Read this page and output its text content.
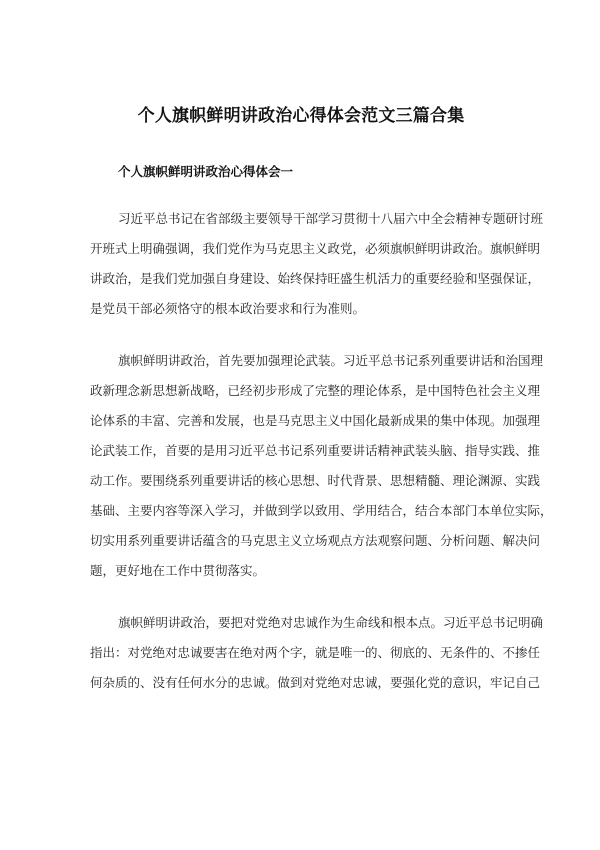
个人旗帜鲜明讲政治心得体会范文三篇合集
个人旗帜鲜明讲政治心得体会一

习近平总书记在省部级主要领导干部学习贯彻十八届六中全会精神专题研讨班
开班式上明确强调，我们党作为马克思主义政党，必须旗帜鲜明讲政治。旗帜鲜明
讲政治，是我们党加强自身建设、始终保持旺盛生机活力的重要经验和坚强保证，
是党员干部必须恪守的根本政治要求和行为准则。

旗帜鲜明讲政治，首先要加强理论武装。习近平总书记系列重要讲话和治国理
政新理念新思想新战略，已经初步形成了完整的理论体系，是中国特色社会主义理
论体系的丰富、完善和发展，也是马克思主义中国化最新成果的集中体现。加强理
论武装工作，首要的是用习近平总书记系列重要讲话精神武装头脑、指导实践、推
动工作。要围绕系列重要讲话的核心思想、时代背景、思想精髓、理论渊源、实践
基础、主要内容等深入学习，并做到学以致用、学用结合，结合本部门本单位实际，
切实用系列重要讲话蕴含的马克思主义立场观点方法观察问题、分析问题、解决问
题，更好地在工作中贯彻落实。

旗帜鲜明讲政治，要把对党绝对忠诚作为生命线和根本点。习近平总书记明确
指出：对党绝对忠诚要害在绝对两个字，就是唯一的、彻底的、无条件的、不掺任
何杂质的、没有任何水分的忠诚。做到对党绝对忠诚，要强化党的意识，牢记自己
